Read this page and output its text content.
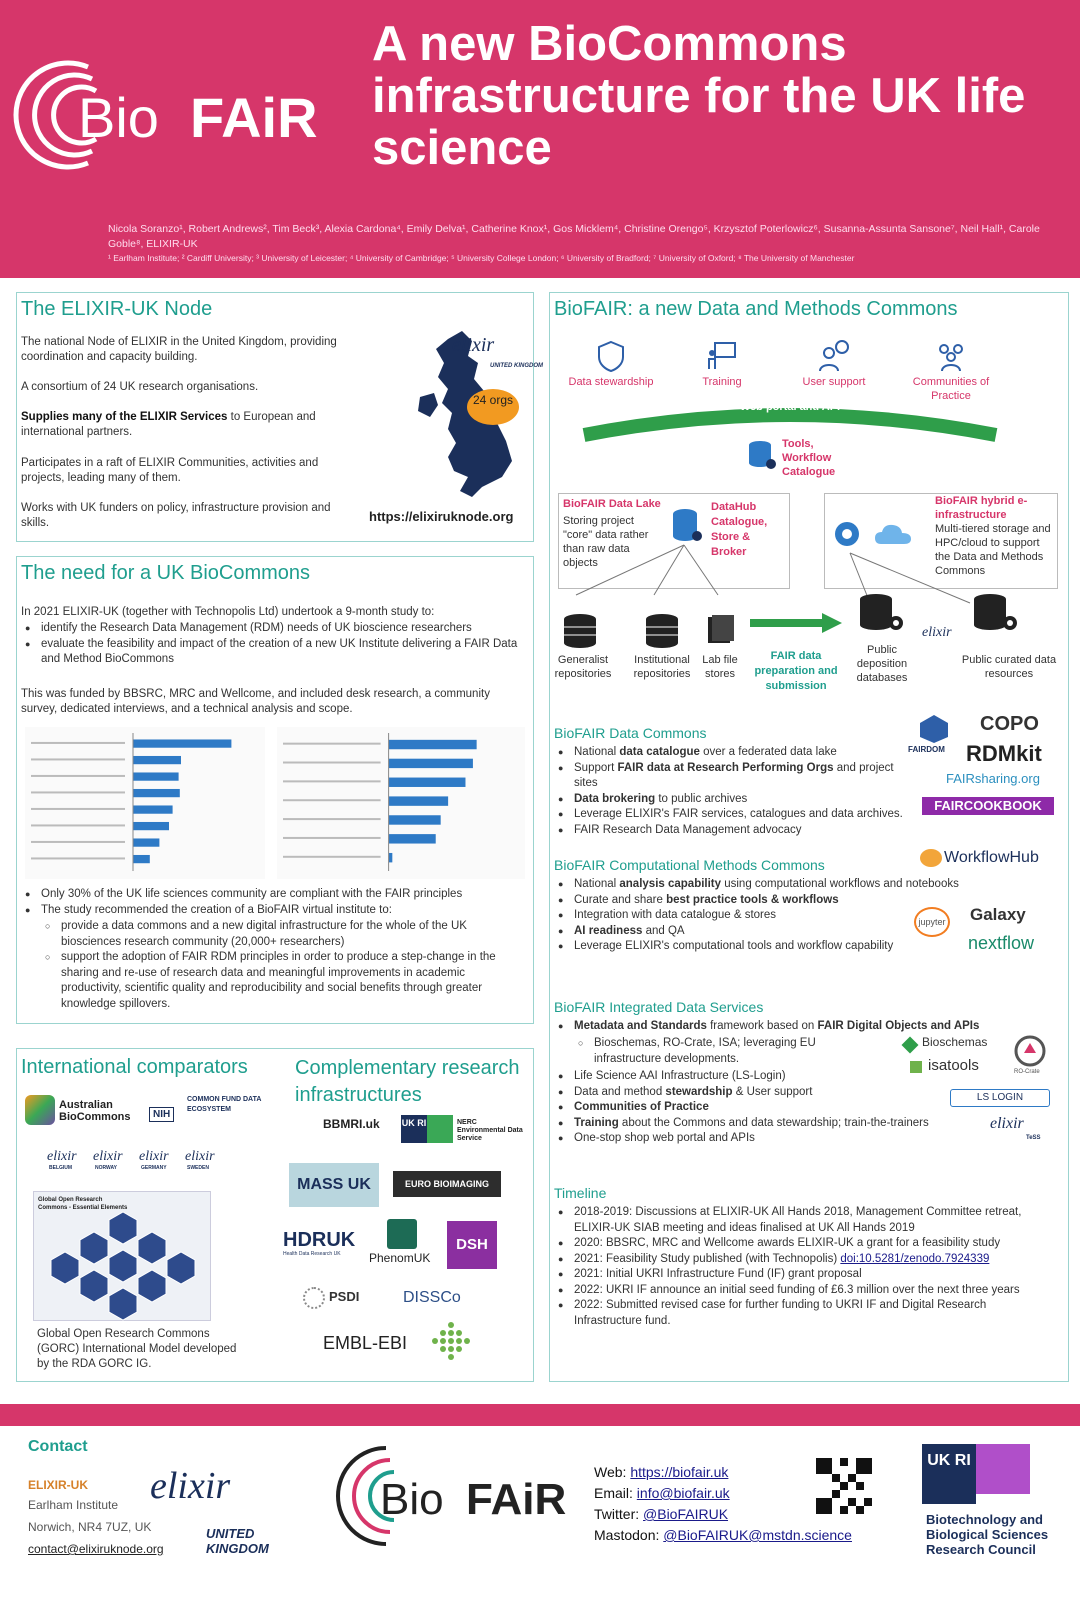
Bio FAiR
A new BioCommons infrastructure for the UK life science
Nicola Soranzo¹, Robert Andrews², Tim Beck³, Alexia Cardona⁴, Emily Delva¹, Catherine Knox¹, Gos Micklem⁴, Christine Orengo⁵, Krzysztof Poterlowicz⁶, Susanna-Assunta Sansone⁷, Neil Hall¹, Carole Goble⁸, ELIXIR-UK
¹ Earlham Institute; ² Cardiff University; ³ University of Leicester; ⁴ University of Cambridge; ⁵ University College London; ⁶ University of Bradford; ⁷ University of Oxford; ⁸ The University of Manchester
The ELIXIR-UK Node
The national Node of ELIXIR in the United Kingdom, providing coordination and capacity building.
A consortium of 24 UK research organisations.
Supplies many of the ELIXIR Services to European and international partners.
Participates in a raft of ELIXIR Communities, activities and projects, leading many of them.
Works with UK funders on policy, infrastructure provision and skills.
elixir
UNITED KINGDOM
24 orgs
https://elixiruknode.org
The need for a UK BioCommons
In 2021 ELIXIR-UK (together with Technopolis Ltd) undertook a 9-month study to:
● identify the Research Data Management (RDM) needs of UK bioscience researchers
● evaluate the feasibility and impact of the creation of a new UK Institute delivering a FAIR Data and Method BioCommons
This was funded by BBSRC, MRC and Wellcome, and included desk research, a community survey, dedicated interviews, and a technical analysis and scope.
● Only 30% of the UK life sciences community are compliant with the FAIR principles
● The study recommended the creation of a BioFAIR virtual institute to:
○ provide a data commons and a new digital infrastructure for the whole of the UK biosciences research community (20,000+ researchers)
○ support the adoption of FAIR RDM principles in order to produce a step-change in the sharing and re-use of research data and meaningful improvements in academic productivity, scientific quality and reproducibility and social benefits through greater knowledge spillovers.
International comparators Complementary research infrastructures
Australian BioCommons	NIH
COMMON FUND DATA ECOSYSTEM
elixir
BELGIUM
elixir
NORWAY
elixir
GERMANY
elixir
SWEDEN
Global Open Research Commons - Essential Elements
Global Open Research Commons (GORC) International Model developed by the RDA GORC IG.
BBMRI.uk UK RI	NERC Environmental Data Service
MASS UK	EURO BIOIMAGING
HDRUK
Health Data Research UK PhenomUK
DSH
PSDI	DISSCo
EMBL-EBI
BioFAIR: a new Data and Methods Commons
Data stewardship	Training	User support	Communities of Practice
Web portal and API
Tools, Workflow Catalogue
BioFAIR Data Lake
Storing project "core" data rather than raw data objects
DataHub Catalogue, Store & Broker
BioFAIR hybrid e-infrastructure
Multi-tiered storage and HPC/cloud to support the Data and Methods Commons
Generalist repositories
Institutional repositories
Lab file stores
FAIR data preparation and submission
Public deposition databases
elixir
Public curated data resources
BioFAIR Data Commons
● National data catalogue over a federated data lake
● Support FAIR data at Research Performing Orgs and project sites
● Data brokering to public archives
● Leverage ELIXIR's FAIR services, catalogues and data archives.
● FAIR Research Data Management advocacy
FAIRDOM
COPO
RDMkit
FAIRsharing.org
FAIRCOOKBOOK
BioFAIR Computational Methods Commons
● National analysis capability using computational workflows and notebooks
● Curate and share best practice tools & workflows
● Integration with data catalogue & stores
● AI readiness and QA
● Leverage ELIXIR's computational tools and workflow capability
WorkflowHub
jupyter Galaxy
nextflow
BioFAIR Integrated Data Services
● Metadata and Standards framework based on FAIR Digital Objects and APIs
○ Bioschemas, RO-Crate, ISA; leveraging EU infrastructure developments.
● Life Science AAI Infrastructure (LS-Login)
● Data and method stewardship & User support
● Communities of Practice
● Training about the Commons and data stewardship; train-the-trainers
● One-stop shop web portal and APIs
Bioschemas
isatools	RO-Crate
LS LOGIN
elixir
TeSS
Timeline
● 2018-2019: Discussions at ELIXIR-UK All Hands 2018, Management Committee retreat, ELIXIR-UK SIAB meeting and ideas finalised at UK All Hands 2019
● 2020: BBSRC, MRC and Wellcome awards ELIXIR-UK a grant for a feasibility study
● 2021: Feasibility Study published (with Technopolis) doi:10.5281/zenodo.7924339
● 2021: Initial UKRI Infrastructure Fund (IF) grant proposal
● 2022: UKRI IF announce an initial seed funding of £6.3 million over the next three years
● 2022: Submitted revised case for further funding to UKRI IF and Digital Research Infrastructure fund.
Contact
ELIXIR-UK
Earlham Institute
Norwich, NR4 7UZ, UK
contact@elixiruknode.org
elixir
UNITED KINGDOM
Bio FAiR
Web: https://biofair.uk
Email: info@biofair.uk
Twitter: @BioFAIRUK
Mastodon: @BioFAIRUK@mstdn.science
UK RI
Biotechnology and Biological Sciences Research Council
